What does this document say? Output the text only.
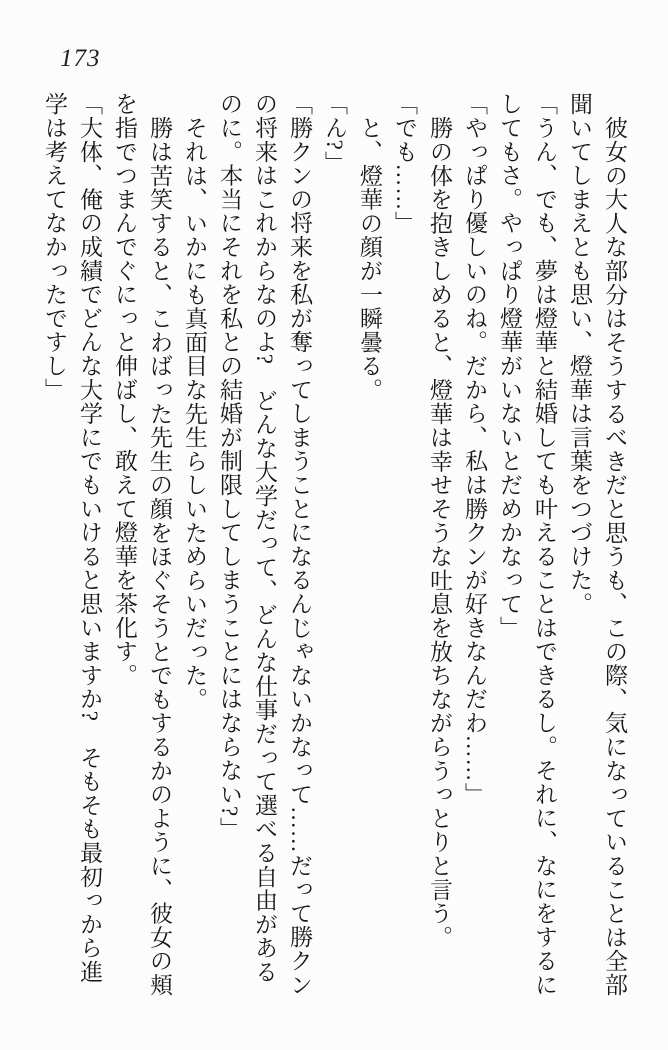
173

彼女の大人な部分はそうするべきだと思うも、この際、気になっていることは全部

聞いてしまえとも思い、燈華は言葉をつづけた。

「うん、でも、夢は燈華と結婚しても叶えることはできるし。それに、なにをするに

してもさ。やっぱり燈華がいないとだめかなって」

「やっぱり優しいのね。だから、私は勝クンが好きなんだわ……」

勝の体を抱きしめると、燈華は幸せそうな吐息を放ちながらうっとりと言う。

「でも……」

と、燈華の顔が一瞬曇る。

「ん?」

「勝クンの将来を私が奪ってしまうことになるんじゃないかなって……だって勝クン

の将来はこれからなのよ?　どんな大学だって、どんな仕事だって選べる自由がある

のに。本当にそれを私との結婚が制限してしまうことにはならない?」

それは、いかにも真面目な先生らしいためらいだった。

勝は苦笑すると、こわばった先生の顔をほぐそうとでもするかのように、彼女の頬

を指でつまんでぐにっと伸ばし、敢えて燈華を茶化す。

「大体、俺の成績でどんな大学にでもいけると思いますか?　そもそも最初っから進

学は考えてなかったですし」
